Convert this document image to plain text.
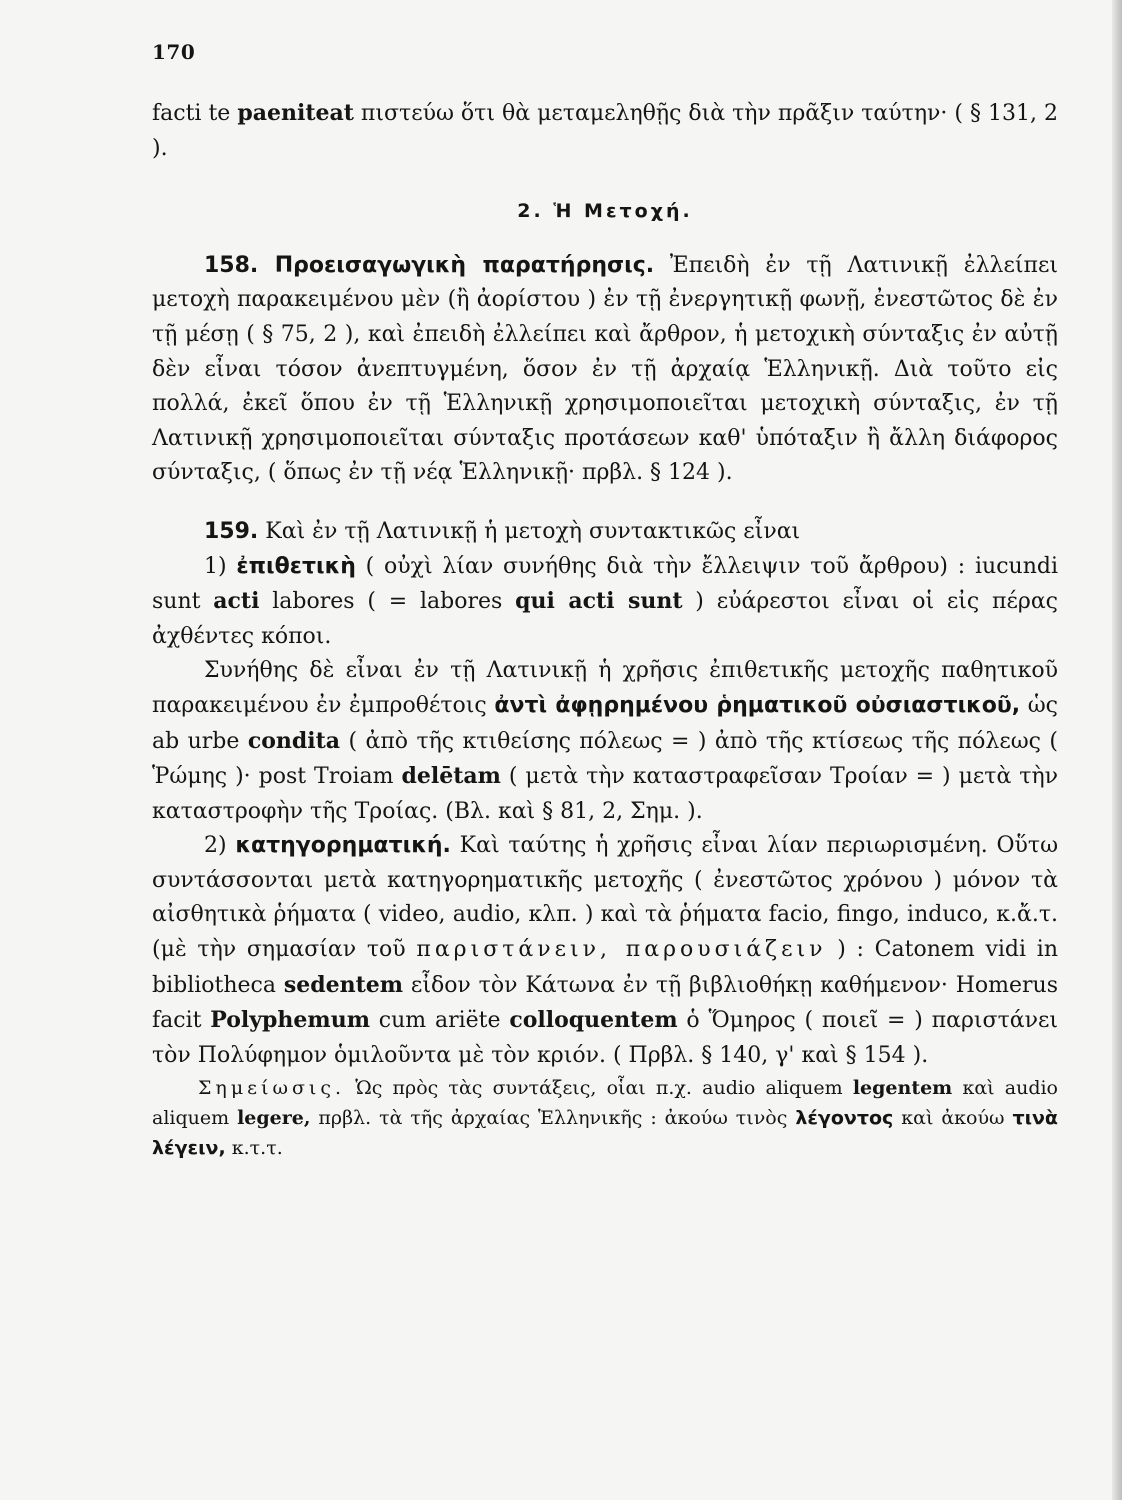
170

facti te paeniteat πιστεύω ὅτι θὰ μεταμεληθῇς διὰ τὴν πρᾶξιν ταύτην· ( § 131, 2 ).

2. Ἡ Μετοχή.

158. Προεισαγωγικὴ παρατήρησις. Ἐπειδὴ ἐν τῇ Λατινικῇ ἐλλείπει μετοχὴ παρακειμένου μὲν (ἢ ἀορίστου ) ἐν τῇ ἐνεργητικῇ φωνῇ, ἐνεστῶτος δὲ ἐν τῇ μέσῃ ( § 75, 2 ), καὶ ἐπειδὴ ἐλλείπει καὶ ἄρθρον, ἡ μετοχικὴ σύνταξις ἐν αὐτῇ δὲν εἶναι τόσον ἀνεπτυγμένη, ὅσον ἐν τῇ ἀρχαίᾳ Ἑλληνικῇ. Διὰ τοῦτο εἰς πολλά, ἐκεῖ ὅπου ἐν τῇ Ἑλληνικῇ χρησιμοποιεῖται μετοχικὴ σύνταξις, ἐν τῇ Λατινικῇ χρησιμοποιεῖται σύνταξις προτάσεων καθ' ὑπόταξιν ἢ ἄλλη διάφορος σύνταξις, ( ὅπως ἐν τῇ νέᾳ Ἑλληνικῇ· πρβλ. § 124 ).

159. Καὶ ἐν τῇ Λατινικῇ ἡ μετοχὴ συντακτικῶς εἶναι

1) ἐπιθετικὴ ( οὐχὶ λίαν συνήθης διὰ τὴν ἔλλειψιν τοῦ ἄρθρου) : iucundi sunt acti labores ( = labores qui acti sunt ) εὐάρεστοι εἶναι οἱ εἰς πέρας ἀχθέντες κόποι.

Συνήθης δὲ εἶναι ἐν τῇ Λατινικῇ ἡ χρῆσις ἐπιθετικῆς μετοχῆς παθητικοῦ παρακειμένου ἐν ἐμπροθέτοις ἀντὶ ἀφῃρημένου ῥηματικοῦ οὐσιαστικοῦ, ὡς ab urbe condita ( ἀπὸ τῆς κτιθείσης πόλεως = ) ἀπὸ τῆς κτίσεως τῆς πόλεως ( Ῥώμης )· post Troiam delētam ( μετὰ τὴν καταστραφεῖσαν Τροίαν = ) μετὰ τὴν καταστροφὴν τῆς Τροίας. (Βλ. καὶ § 81, 2, Σημ. ).

2) κατηγορηματική. Καὶ ταύτης ἡ χρῆσις εἶναι λίαν περιωρισμένη. Οὕτω συντάσσονται μετὰ κατηγορηματικῆς μετοχῆς ( ἐνεστῶτος χρόνου ) μόνον τὰ αἰσθητικὰ ῥήματα ( video, audio, κλπ. ) καὶ τὰ ῥήματα facio, fingo, induco, κ.ἄ.τ. (μὲ τὴν σημασίαν τοῦ παριστάνειν, παρουσιάζειν ) : Catonem vidi in bibliotheca sedentem εἶδον τὸν Κάτωνα ἐν τῇ βιβλιοθήκῃ καθήμενον· Homerus facit Polyphemum cum ariëte colloquentem ὁ Ὅμηρος ( ποιεῖ = ) παριστάνει τὸν Πολύφημον ὁμιλοῦντα μὲ τὸν κριόν. ( Πρβλ. § 140, γ' καὶ § 154 ).

Σημείωσις. Ὡς πρὸς τὰς συντάξεις, οἷαι π.χ. audio aliquem legentem καὶ audio aliquem legere, πρβλ. τὰ τῆς ἀρχαίας Ἑλληνικῆς : ἀκούω τινὸς λέγοντος καὶ ἀκούω τινὰ λέγειν, κ.τ.τ.
